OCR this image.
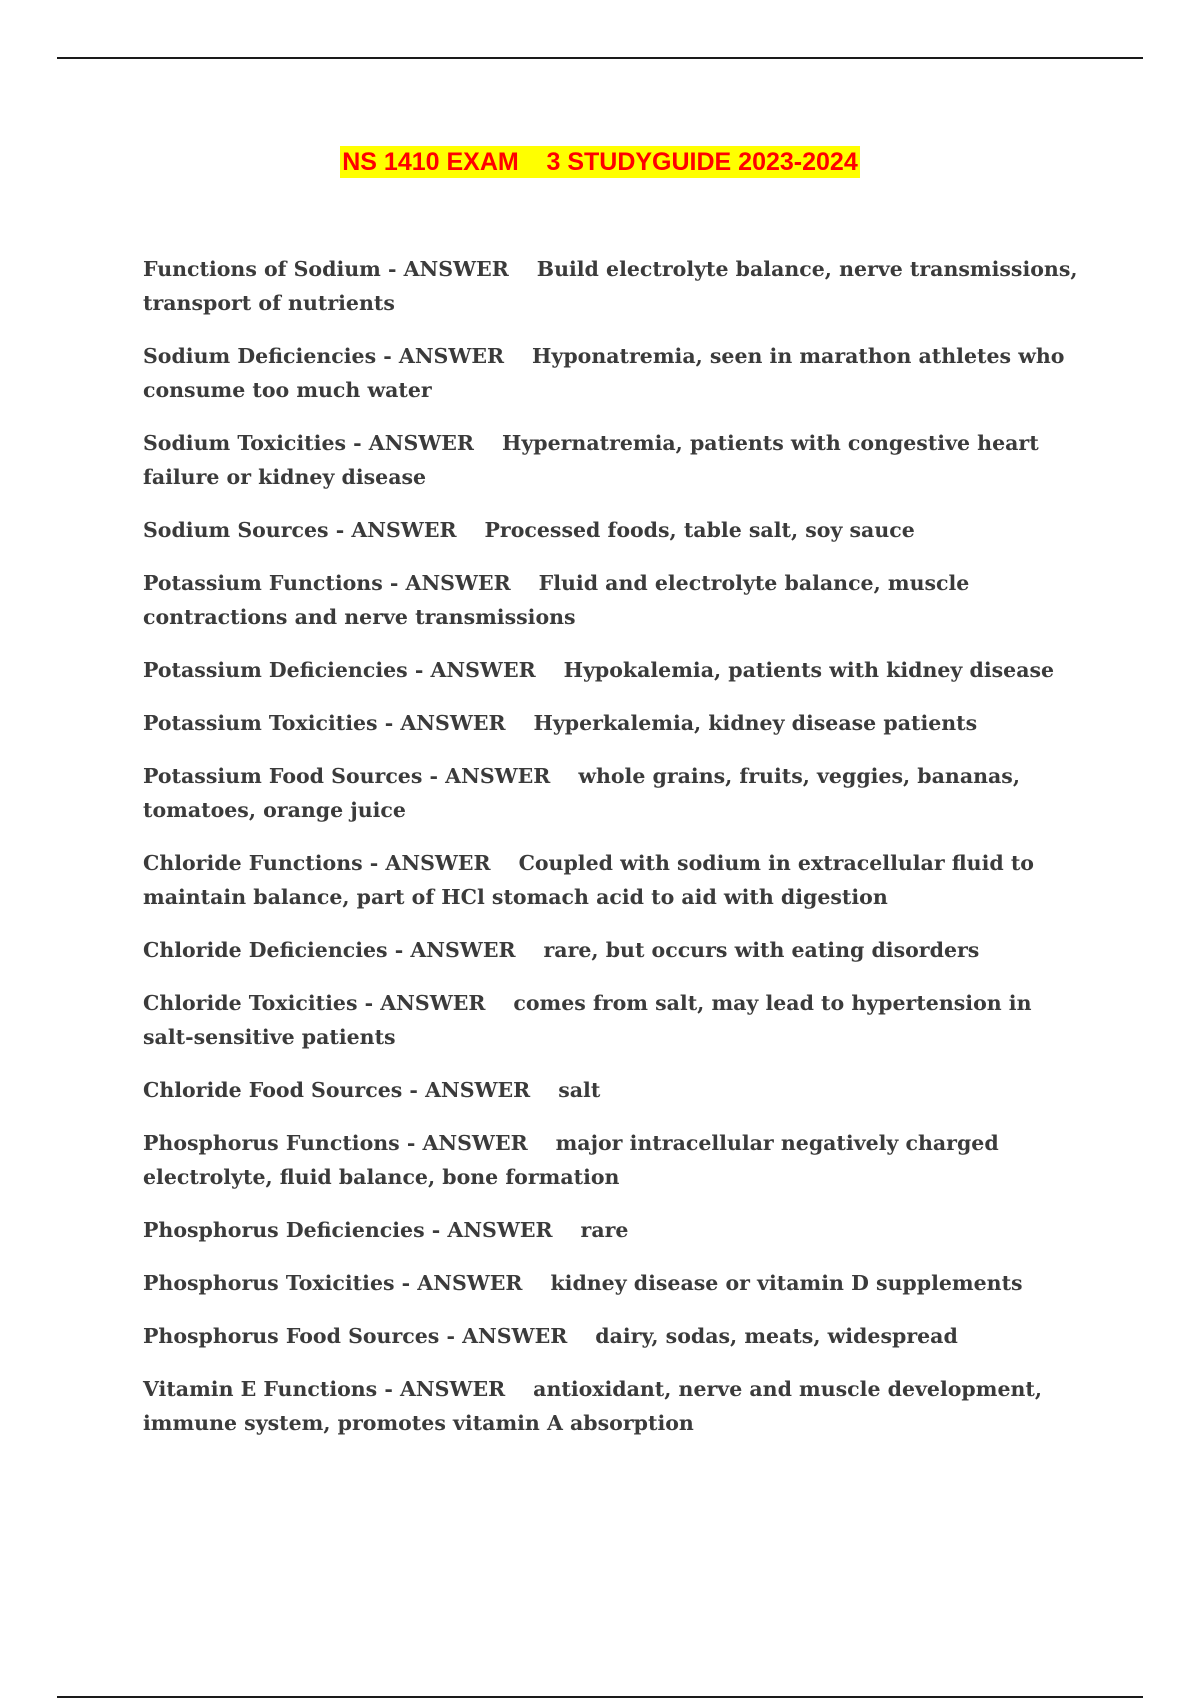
NS 1410 EXAM    3 STUDYGUIDE 2023-2024

Functions of Sodium - ANSWER Build electrolyte balance, nerve transmissions, transport of nutrients

Sodium Deficiencies - ANSWER Hyponatremia, seen in marathon athletes who consume too much water

Sodium Toxicities - ANSWER Hypernatremia, patients with congestive heart failure or kidney disease

Sodium Sources - ANSWER Processed foods, table salt, soy sauce

Potassium Functions - ANSWER Fluid and electrolyte balance, muscle contractions and nerve transmissions

Potassium Deficiencies - ANSWER Hypokalemia, patients with kidney disease

Potassium Toxicities - ANSWER Hyperkalemia, kidney disease patients

Potassium Food Sources - ANSWER whole grains, fruits, veggies, bananas, tomatoes, orange juice

Chloride Functions - ANSWER Coupled with sodium in extracellular fluid to maintain balance, part of HCl stomach acid to aid with digestion

Chloride Deficiencies - ANSWER rare, but occurs with eating disorders

Chloride Toxicities - ANSWER comes from salt, may lead to hypertension in salt-sensitive patients

Chloride Food Sources - ANSWER salt

Phosphorus Functions - ANSWER major intracellular negatively charged electrolyte, fluid balance, bone formation

Phosphorus Deficiencies - ANSWER rare

Phosphorus Toxicities - ANSWER kidney disease or vitamin D supplements

Phosphorus Food Sources - ANSWER dairy, sodas, meats, widespread

Vitamin E Functions - ANSWER antioxidant, nerve and muscle development, immune system, promotes vitamin A absorption
